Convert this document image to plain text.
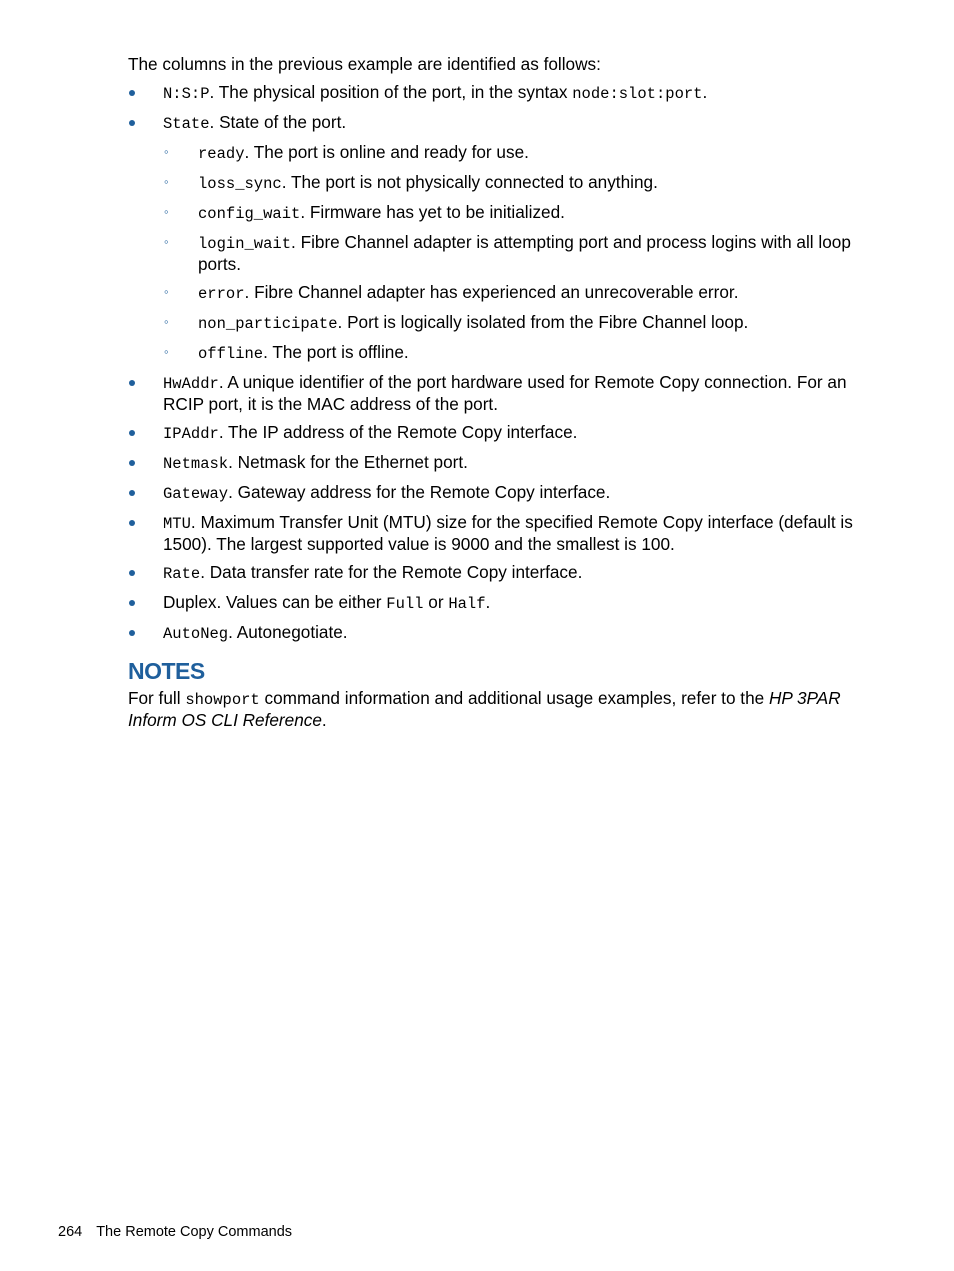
The columns in the previous example are identified as follows:

N:S:P. The physical position of the port, in the syntax node:slot:port.
State. State of the port.
◦ ready. The port is online and ready for use.
◦ loss_sync. The port is not physically connected to anything.
◦ config_wait. Firmware has yet to be initialized.
◦ login_wait. Fibre Channel adapter is attempting port and process logins with all loop ports.
◦ error. Fibre Channel adapter has experienced an unrecoverable error.
◦ non_participate. Port is logically isolated from the Fibre Channel loop.
◦ offline. The port is offline.
HwAddr. A unique identifier of the port hardware used for Remote Copy connection. For an RCIP port, it is the MAC address of the port.
IPAddr. The IP address of the Remote Copy interface.
Netmask. Netmask for the Ethernet port.
Gateway. Gateway address for the Remote Copy interface.
MTU. Maximum Transfer Unit (MTU) size for the specified Remote Copy interface (default is 1500). The largest supported value is 9000 and the smallest is 100.
Rate. Data transfer rate for the Remote Copy interface.
Duplex. Values can be either Full or Half.
AutoNeg. Autonegotiate.
NOTES

For full showport command information and additional usage examples, refer to the HP 3PAR Inform OS CLI Reference.

264 The Remote Copy Commands
